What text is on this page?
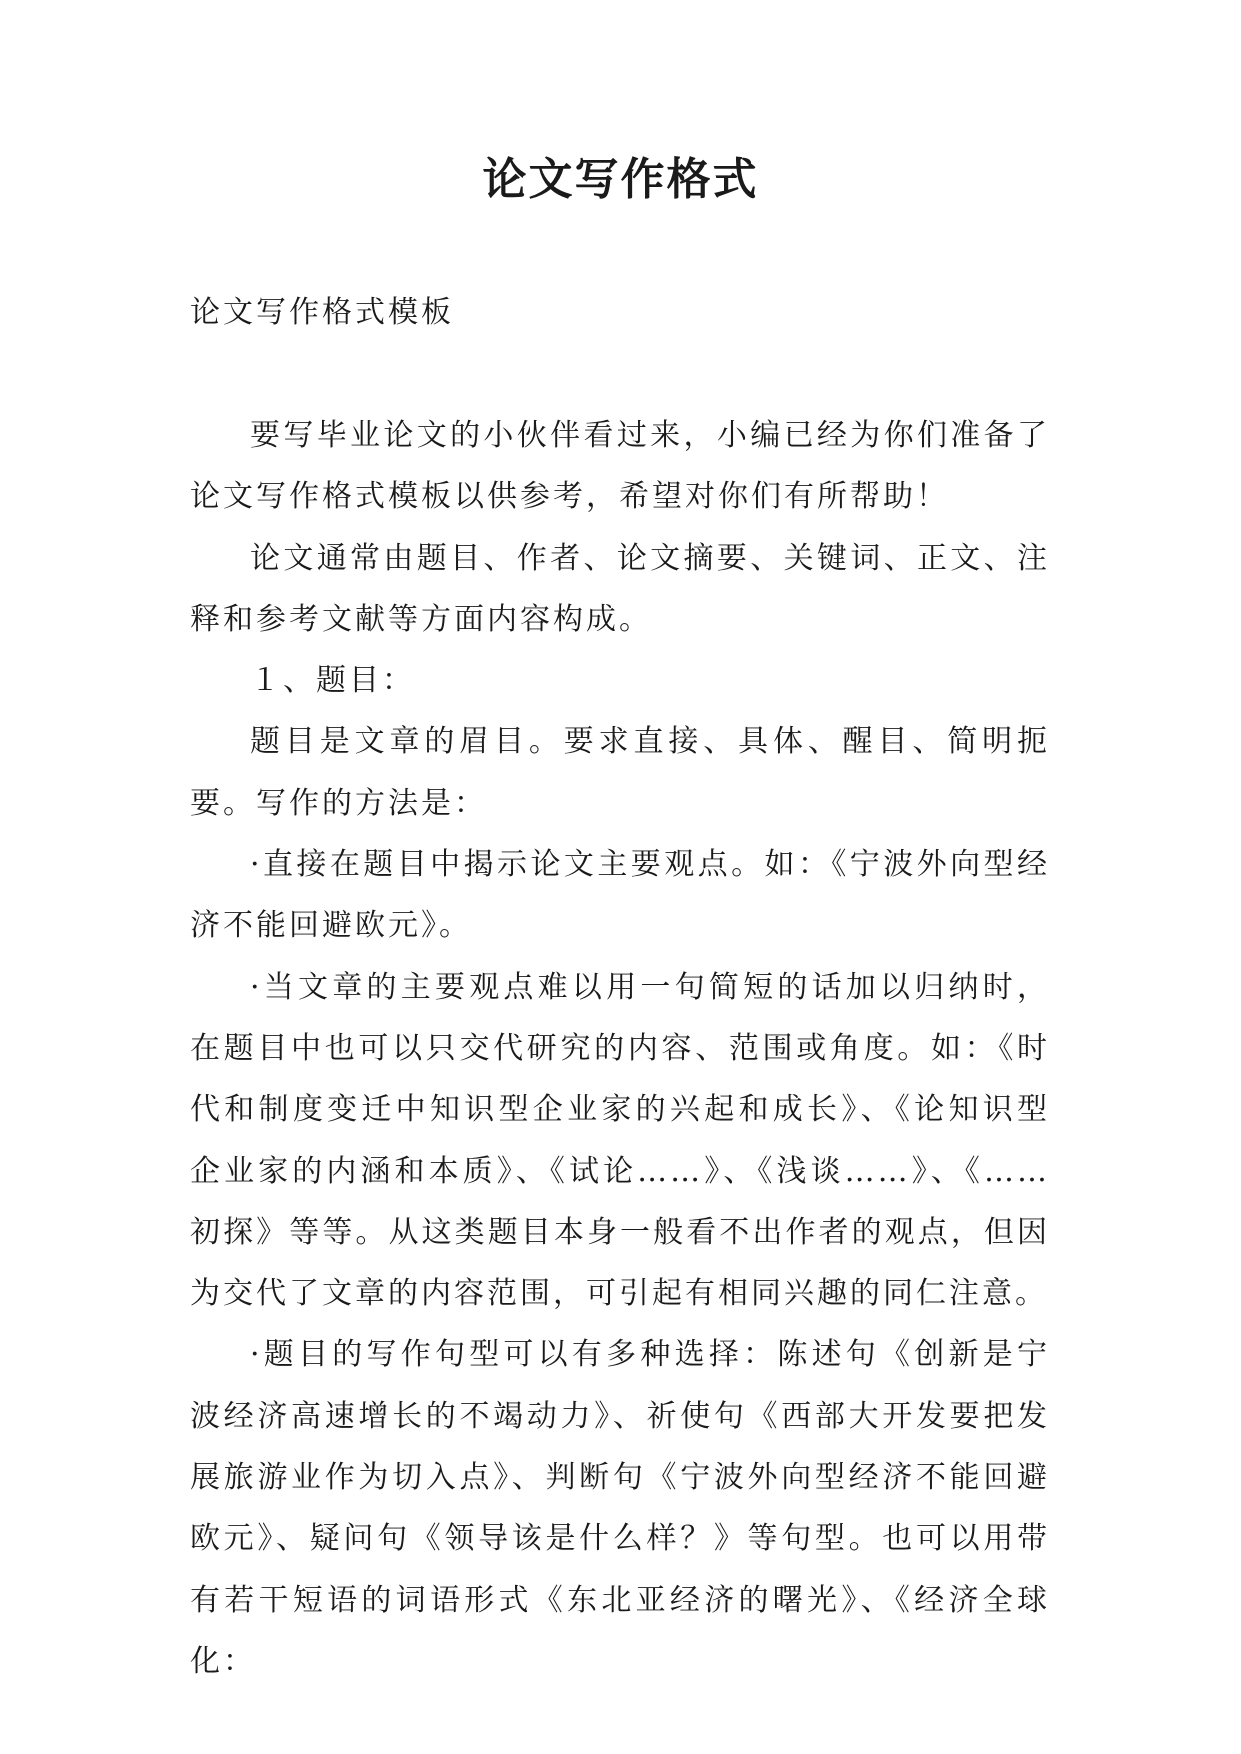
论文写作格式
论文写作格式模板

要写毕业论文的小伙伴看过来，小编已经为你们准备了论文写作格式模板以供参考，希望对你们有所帮助！

论文通常由题目、作者、论文摘要、关键词、正文、注释和参考文献等方面内容构成。

１、题目：

题目是文章的眉目。要求直接、具体、醒目、简明扼要。写作的方法是：

·直接在题目中揭示论文主要观点。如：《宁波外向型经济不能回避欧元》。

·当文章的主要观点难以用一句简短的话加以归纳时，在题目中也可以只交代研究的内容、范围或角度。如：《时代和制度变迁中知识型企业家的兴起和成长》、《论知识型企业家的内涵和本质》、《试论……》、《浅谈……》、《……初探》等等。从这类题目本身一般看不出作者的观点，但因为交代了文章的内容范围，可引起有相同兴趣的同仁注意。

·题目的写作句型可以有多种选择：陈述句《创新是宁波经济高速增长的不竭动力》、祈使句《西部大开发要把发展旅游业作为切入点》、判断句《宁波外向型经济不能回避欧元》、疑问句《领导该是什么样？》等句型。也可以用带有若干短语的词语形式《东北亚经济的曙光》、《经济全球化：
